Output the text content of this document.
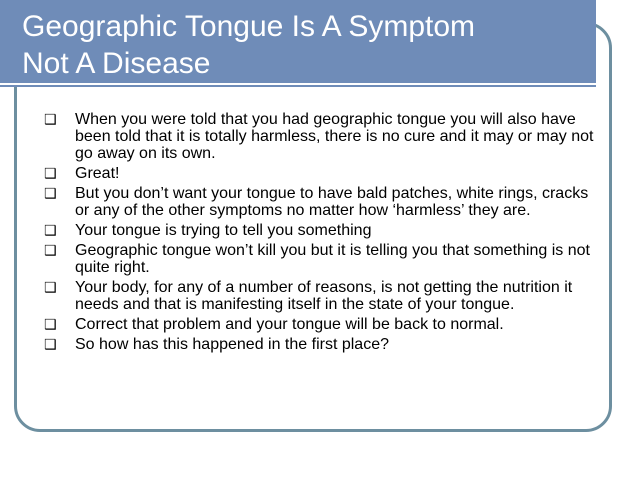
Geographic Tongue Is A Symptom
Not A Disease
❑ When you were told that you had geographic tongue you will also have been told that it is totally harmless, there is no cure and it may or may not go away on its own.
❑ Great!
❑ But you don’t want your tongue to have bald patches, white rings, cracks or any of the other symptoms no matter how ‘harmless’ they are.
❑ Your tongue is trying to tell you something
❑ Geographic tongue won’t kill you but it is telling you that something is not quite right.
❑ Your body, for any of a number of reasons, is not getting the nutrition it needs and that is manifesting itself in the state of your tongue.
❑ Correct that problem and your tongue will be back to normal.
❑ So how has this happened in the first place?
